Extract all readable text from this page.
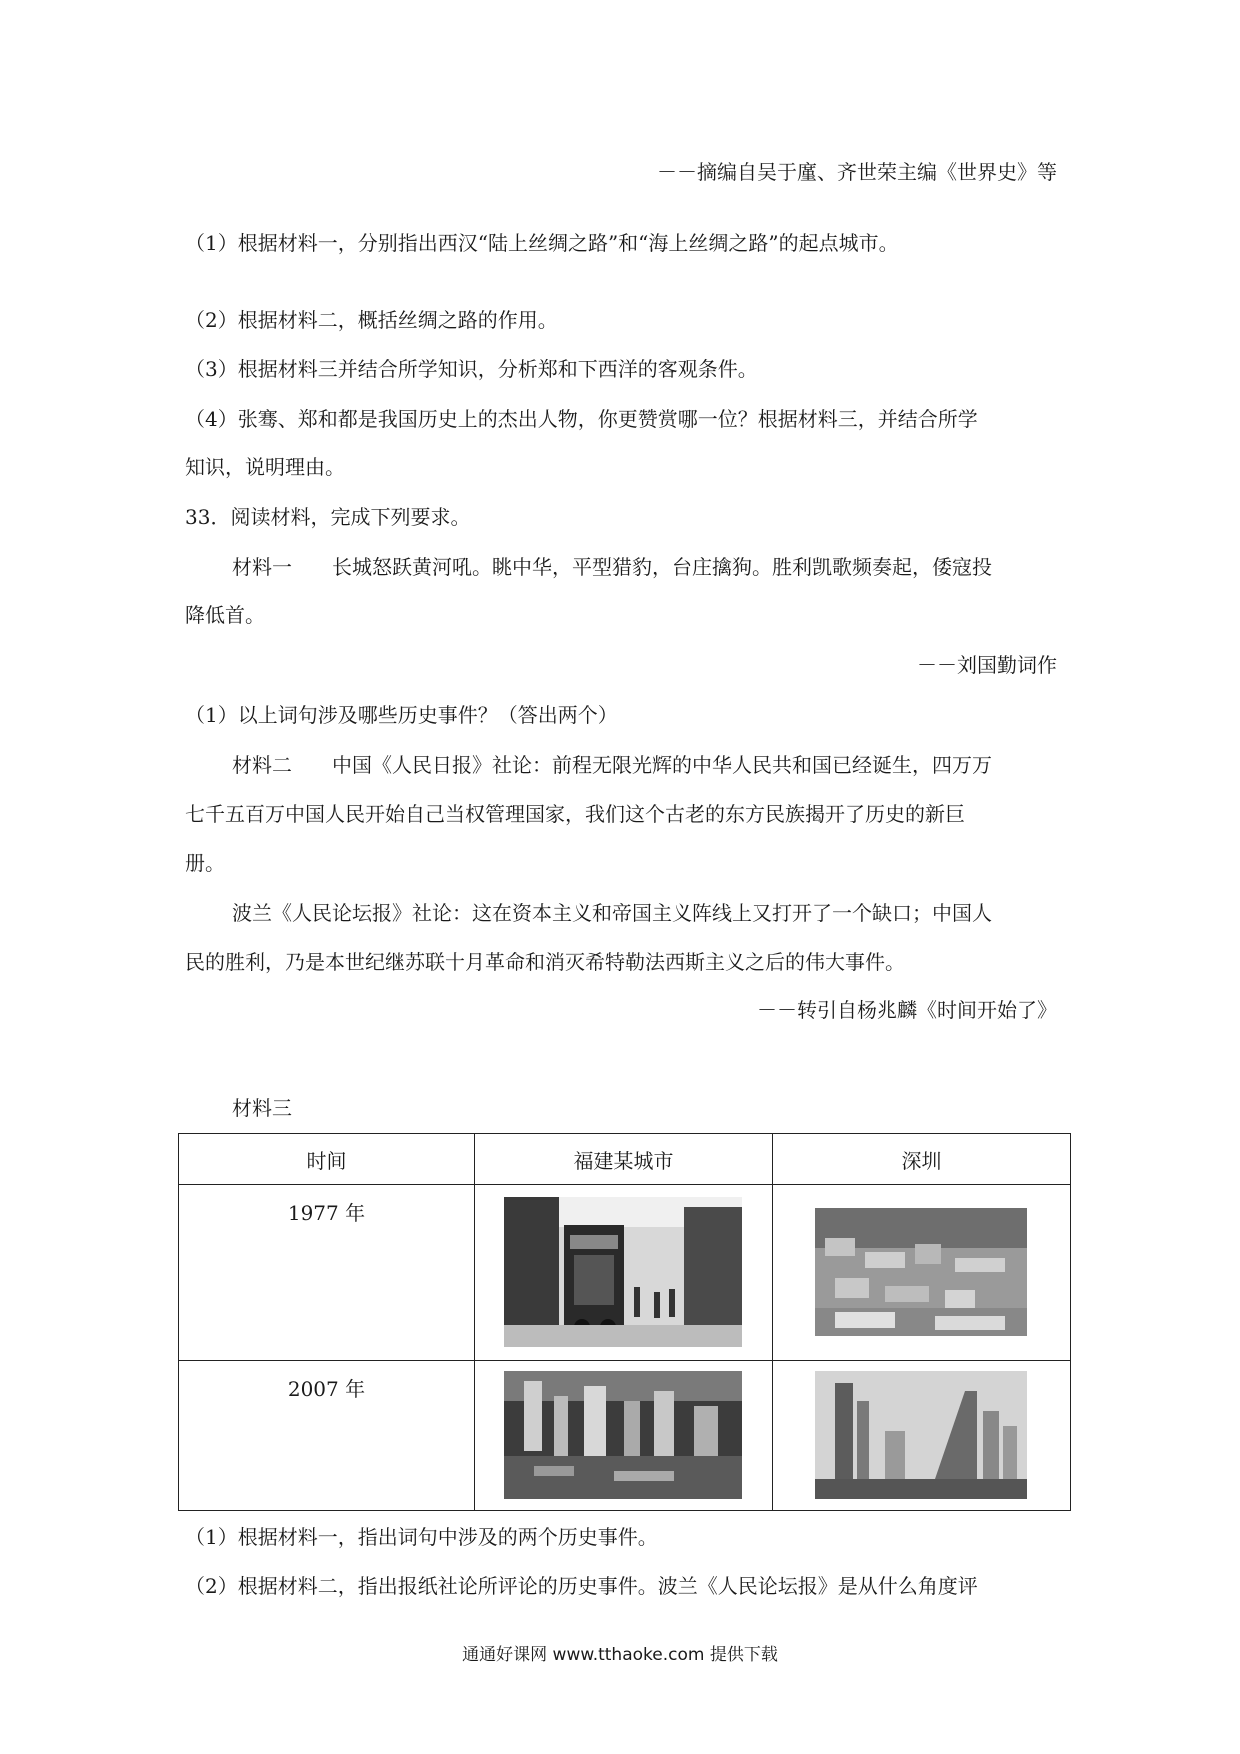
－－摘编自吴于廑、齐世荣主编《世界史》等
（1）根据材料一，分别指出西汉“陆上丝绸之路”和“海上丝绸之路”的起点城市。
（2）根据材料二，概括丝绸之路的作用。
（3）根据材料三并结合所学知识，分析郑和下西洋的客观条件。
（4）张骞、郑和都是我国历史上的杰出人物，你更赞赏哪一位？根据材料三，并结合所学
知识，说明理由。
33．阅读材料，完成下列要求。
材料一　　长城怒跃黄河吼。眺中华，平型猎豹，台庄擒狗。胜利凯歌频奏起，倭寇投
降低首。
－－刘国勤词作
（1）以上词句涉及哪些历史事件？（答出两个）
材料二　　中国《人民日报》社论：前程无限光辉的中华人民共和国已经诞生，四万万
七千五百万中国人民开始自己当权管理国家，我们这个古老的东方民族揭开了历史的新巨
册。
波兰《人民论坛报》社论：这在资本主义和帝国主义阵线上又打开了一个缺口；中国人
民的胜利，乃是本世纪继苏联十月革命和消灭希特勒法西斯主义之后的伟大事件。
－－转引自杨兆麟《时间开始了》
材料三
时间	福建某城市	深圳
1977 年	

2007 年	

（1）根据材料一，指出词句中涉及的两个历史事件。
（2）根据材料二，指出报纸社论所评论的历史事件。波兰《人民论坛报》是从什么角度评
通通好课网 www.tthaoke.com 提供下载
